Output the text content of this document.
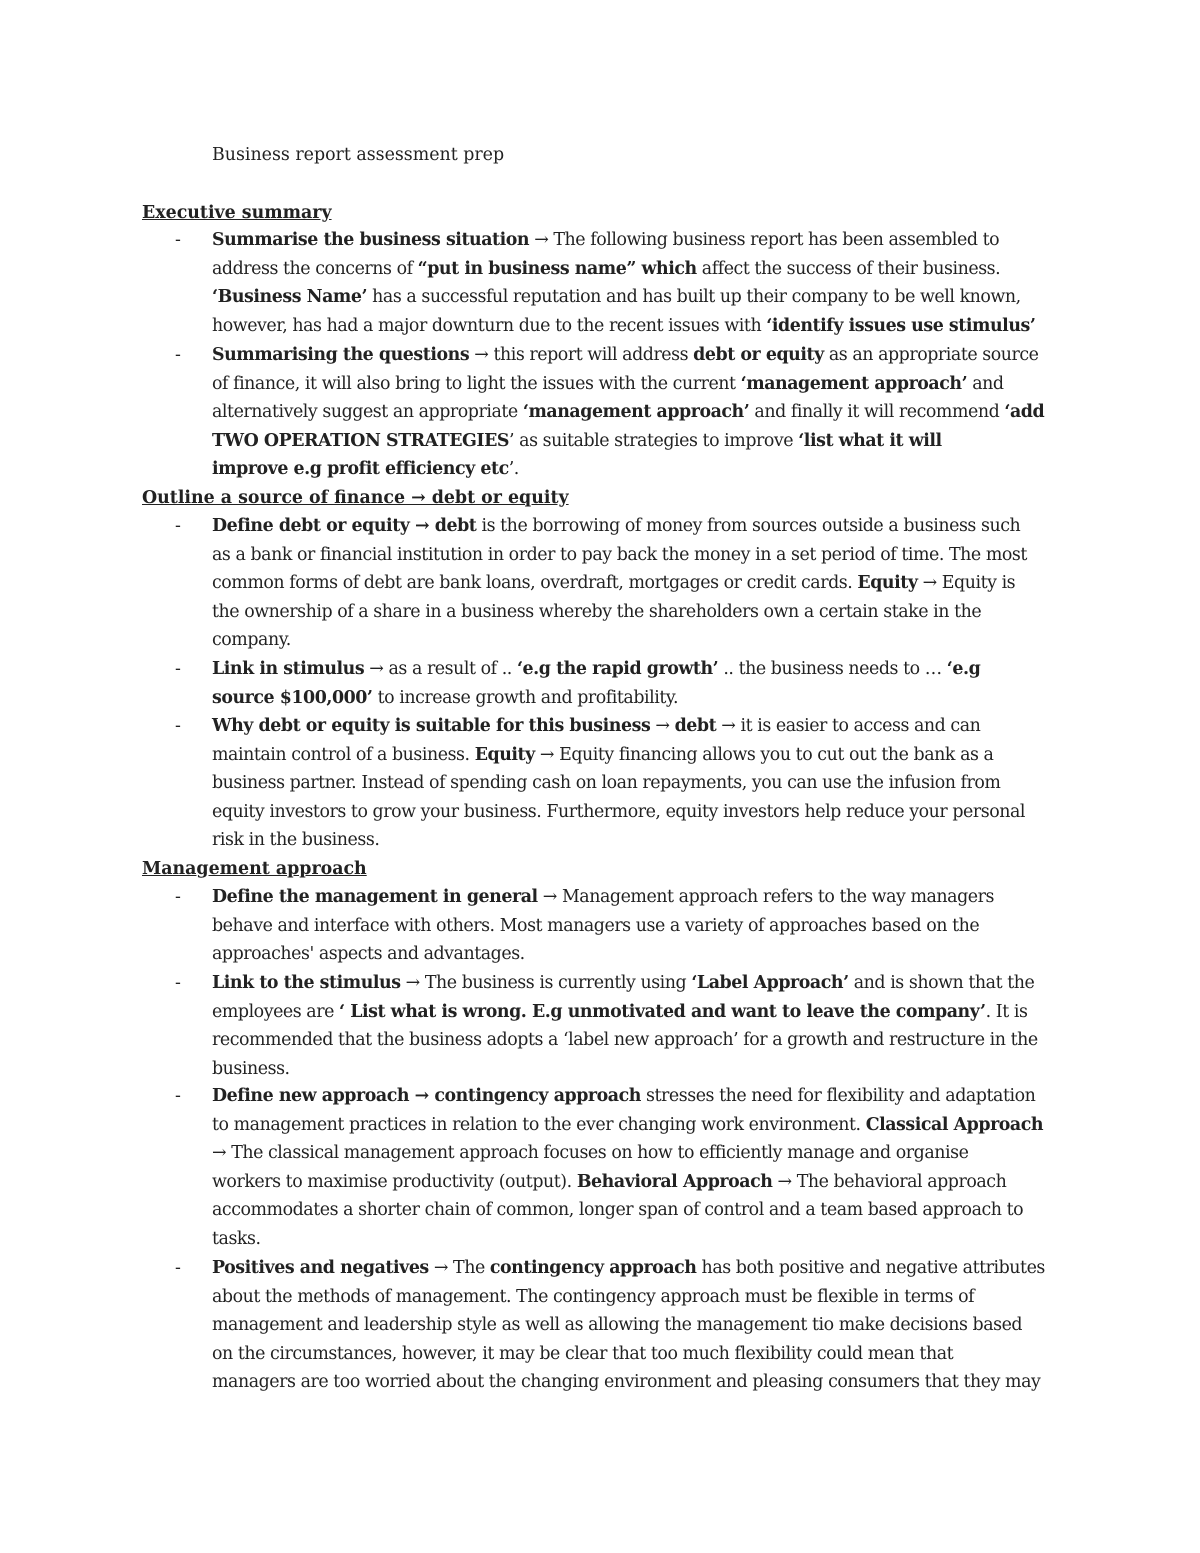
Business report assessment prep
Executive summary
- Summarise the business situation → The following business report has been assembled to
address the concerns of “put in business name” which affect the success of their business.
‘Business Name’ has a successful reputation and has built up their company to be well known,
however, has had a major downturn due to the recent issues with ‘identify issues use stimulus’
- Summarising the questions → this report will address debt or equity as an appropriate source
of finance, it will also bring to light the issues with the current ‘management approach’ and
alternatively suggest an appropriate ‘management approach’ and finally it will recommend ‘add
TWO OPERATION STRATEGIES’ as suitable strategies to improve ‘list what it will
improve e.g profit efficiency etc’.
Outline a source of finance → debt or equity
- Define debt or equity → debt is the borrowing of money from sources outside a business such
as a bank or financial institution in order to pay back the money in a set period of time. The most
common forms of debt are bank loans, overdraft, mortgages or credit cards. Equity → Equity is
the ownership of a share in a business whereby the shareholders own a certain stake in the
company.
- Link in stimulus → as a result of .. ‘e.g the rapid growth’ .. the business needs to … ‘e.g
source $100,000’ to increase growth and profitability.
- Why debt or equity is suitable for this business → debt → it is easier to access and can
maintain control of a business. Equity → Equity financing allows you to cut out the bank as a
business partner. Instead of spending cash on loan repayments, you can use the infusion from
equity investors to grow your business. Furthermore, equity investors help reduce your personal
risk in the business.
Management approach
- Define the management in general → Management approach refers to the way managers
behave and interface with others. Most managers use a variety of approaches based on the
approaches' aspects and advantages.
- Link to the stimulus → The business is currently using ‘Label Approach’ and is shown that the
employees are ‘ List what is wrong. E.g unmotivated and want to leave the company’. It is
recommended that the business adopts a ‘label new approach’ for a growth and restructure in the
business.
- Define new approach → contingency approach stresses the need for flexibility and adaptation
to management practices in relation to the ever changing work environment. Classical Approach
→ The classical management approach focuses on how to efficiently manage and organise
workers to maximise productivity (output). Behavioral Approach → The behavioral approach
accommodates a shorter chain of common, longer span of control and a team based approach to
tasks.
- Positives and negatives → The contingency approach has both positive and negative attributes
about the methods of management. The contingency approach must be flexible in terms of
management and leadership style as well as allowing the management tio make decisions based
on the circumstances, however, it may be clear that too much flexibility could mean that
managers are too worried about the changing environment and pleasing consumers that they may
